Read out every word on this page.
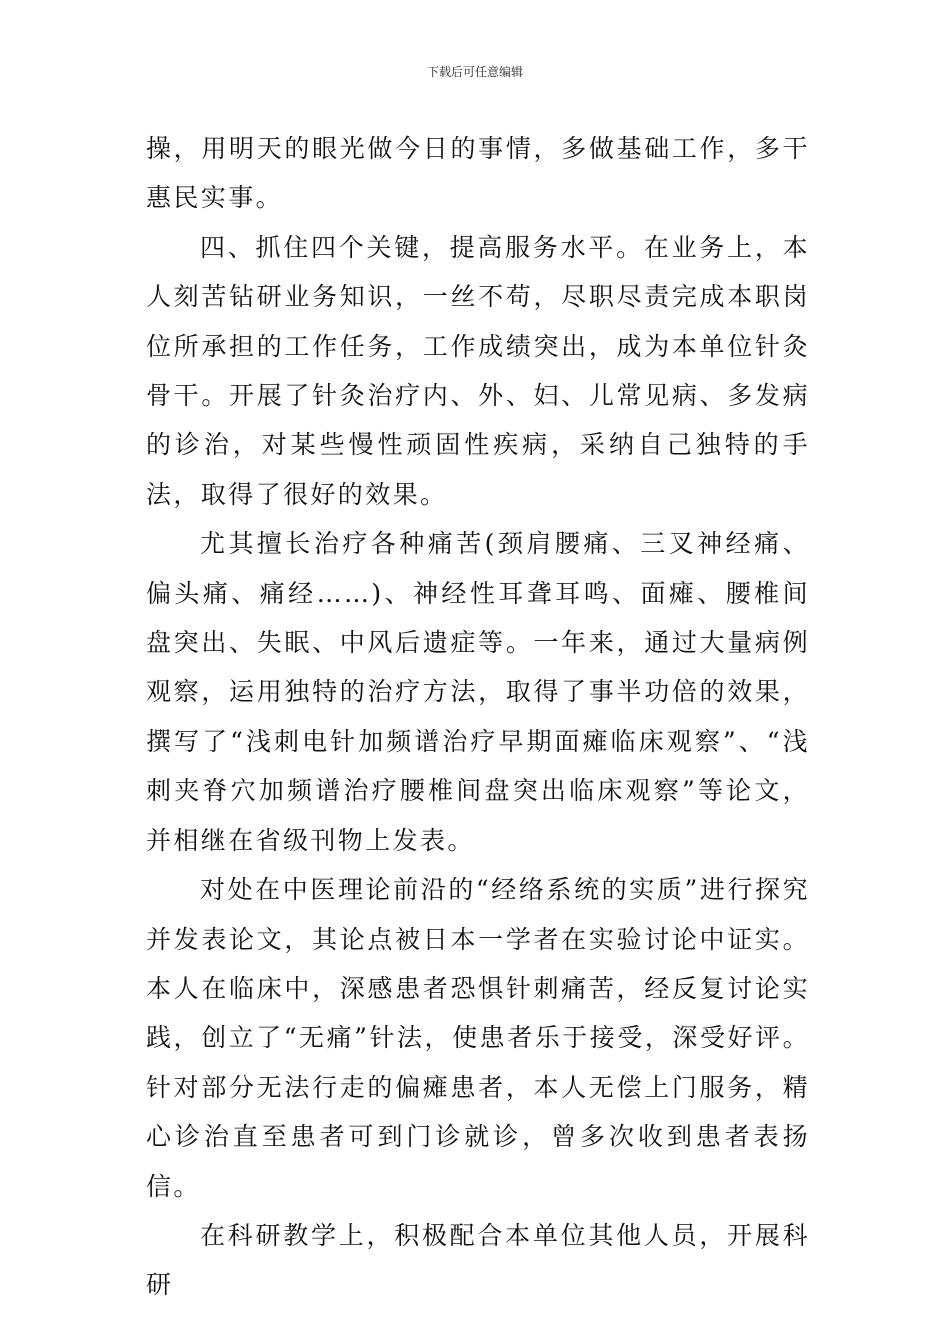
下载后可任意编辑

操，用明天的眼光做今日的事情，多做基础工作，多干惠民实事。

四、抓住四个关键，提高服务水平。在业务上，本人刻苦钻研业务知识，一丝不苟，尽职尽责完成本职岗位所承担的工作任务，工作成绩突出，成为本单位针灸骨干。开展了针灸治疗内、外、妇、儿常见病、多发病的诊治，对某些慢性顽固性疾病，采纳自己独特的手法，取得了很好的效果。

尤其擅长治疗各种痛苦(颈肩腰痛、三叉神经痛、偏头痛、痛经……)、神经性耳聋耳鸣、面瘫、腰椎间盘突出、失眠、中风后遗症等。一年来，通过大量病例观察，运用独特的治疗方法，取得了事半功倍的效果，撰写了“浅刺电针加频谱治疗早期面瘫临床观察”、“浅刺夹脊穴加频谱治疗腰椎间盘突出临床观察”等论文，并相继在省级刊物上发表。

对处在中医理论前沿的“经络系统的实质”进行探究并发表论文，其论点被日本一学者在实验讨论中证实。本人在临床中，深感患者恐惧针刺痛苦，经反复讨论实践，创立了“无痛”针法，使患者乐于接受，深受好评。针对部分无法行走的偏瘫患者，本人无偿上门服务，精心诊治直至患者可到门诊就诊，曾多次收到患者表扬信。

在科研教学上，积极配合本单位其他人员，开展科研
